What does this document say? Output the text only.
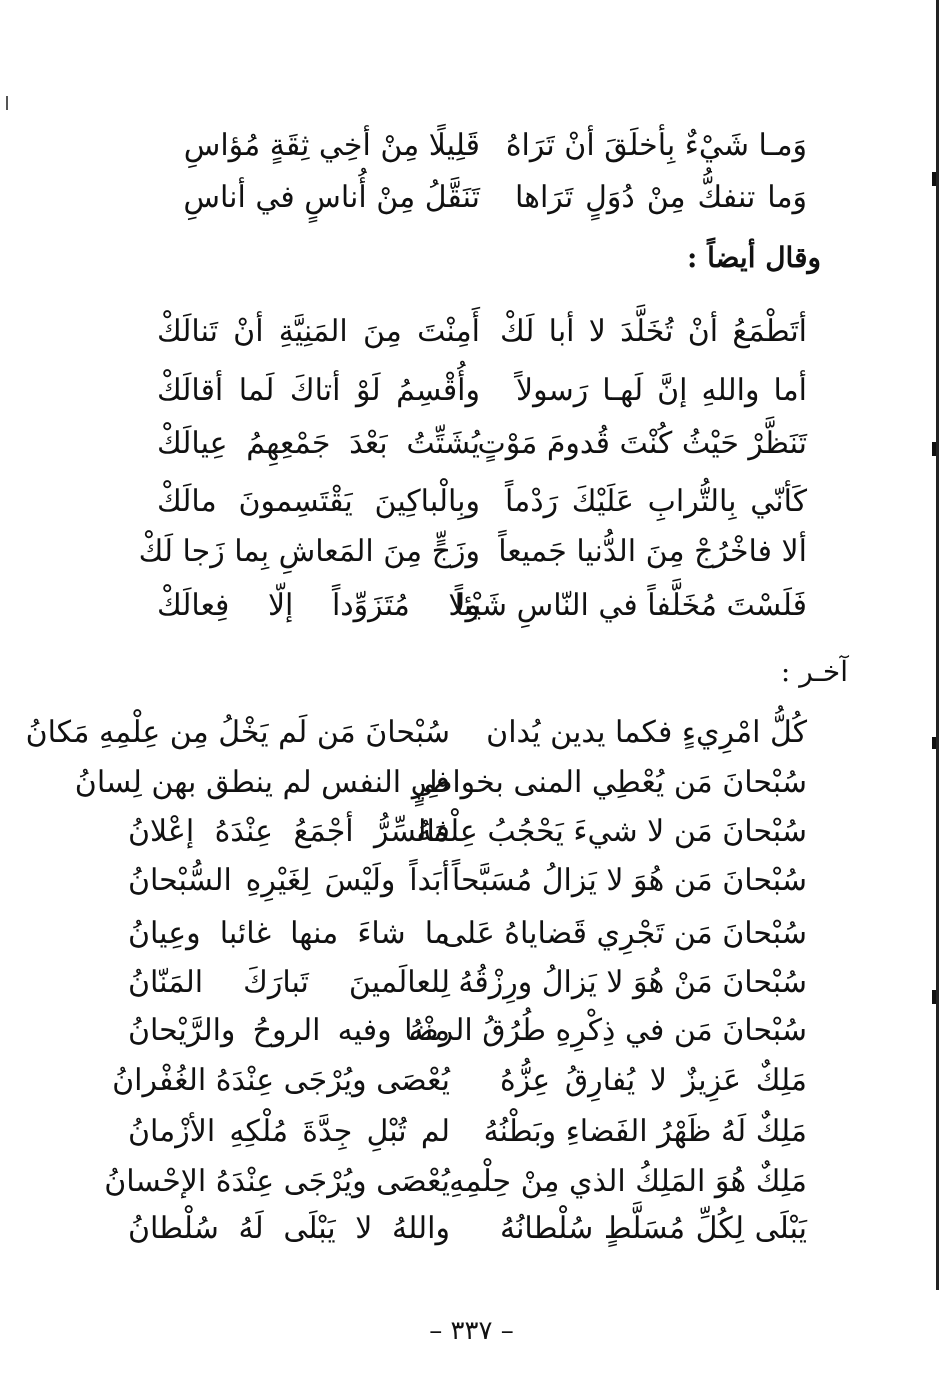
وَمـا شَيْءٌ بِأخلَقَ أنْ تَرَاهُ
قَلِيلًا مِنْ أخِي ثِقَةٍ مُؤاسِ
وَما تنفكُّ مِنْ دُوَلٍ تَرَاها
تَنَقَّلُ مِنْ أُناسٍ في أناسِ
وقال أيضاً :
أتَطْمَعُ أنْ تُخَلَّدَ لا أبا لَكْ
أَمِنْتَ مِنَ المَنِيَّةِ أنْ تَنالَكْ
أما واللهِ إنَّ لَهـا رَسولاً
وأُقْسِمُ لَوْ أتاكَ لَما أقالَكْ
تَنَظَّرْ حَيْثُ كُنْتَ قُدومَ مَوْتٍ
يُشَتِّتُ بَعْدَ جَمْعِهِمُ عِيالَكْ
كَأنّي بِالتُّرابِ عَلَيْكَ رَدْماً
وبِالْباكِينَ يَقْتَسِمونَ مالَكْ
ألا فاخْرُجْ مِنَ الدُّنيا جَميعاً
وزَجٍّ مِنَ المَعاشِ بِما زَجا لَكْ
فَلَسْتَ مُخَلَّفاً في النّاسِ شَيْئاً
ولا مُتَزَوِّداً إلّا فِعالَكْ
آخـر :
كُلُّ امْرِيءٍ فكما يدين يُدان
سُبْحانَ مَن لَم يَخْلُ مِن عِلْمِهِ مَكانُ
سُبْحانَ مَن يُعْطِي المنى بخواطِرٍ
في النفس لم ينطق بهن لِسانُ
سُبْحانَ مَن لا شيءَ يَحْجُبُ عِلْمَهُ
فالسِّرُّ أجْمَعُ عِنْدَهُ إعْلانُ
سُبْحانَ مَن هُوَ لا يَزالُ مُسَبَّحاً
أبَداً ولَيْسَ لِغَيْرِهِ السُّبْحانُ
سُبْحانَ مَن تَجْرِي قَضاياهُ عَلى
ما شاءَ منها غائبا وعِيانُ
سُبْحانَ مَنْ هُوَ لا يَزالُ ورِزْقُهُ
لِلعالَمينَ تَبارَكَ المَنّانُ
سُبْحانَ مَن في ذِكْرِهِ طُرُقُ الرضا
مِنْهُ وفيه الروحُ والرَّيْحانُ
مَلِكٌ عَزِيزٌ لا يُفارِقُ عِزُّهُ
يُعْصَى ويُرْجَى عِنْدَهُ الغُفْرانُ
مَلِكٌ لَهُ ظَهْرُ الفَضاءِ وبَطْنُهُ
لم تُبْلِ جِدَّةَ مُلْكِهِ الأزْمانُ
مَلِكٌ هُوَ المَلِكُ الذي مِنْ حِلْمِهِ
يُعْصَى ويُرْجَى عِنْدَهُ الإحْسانُ
يَبْلَى لِكُلِّ مُسَلَّطٍ سُلْطانُهُ
واللهُ لا يَبْلَى لَهُ سُلْطانُ
– ٣٣٧ –
